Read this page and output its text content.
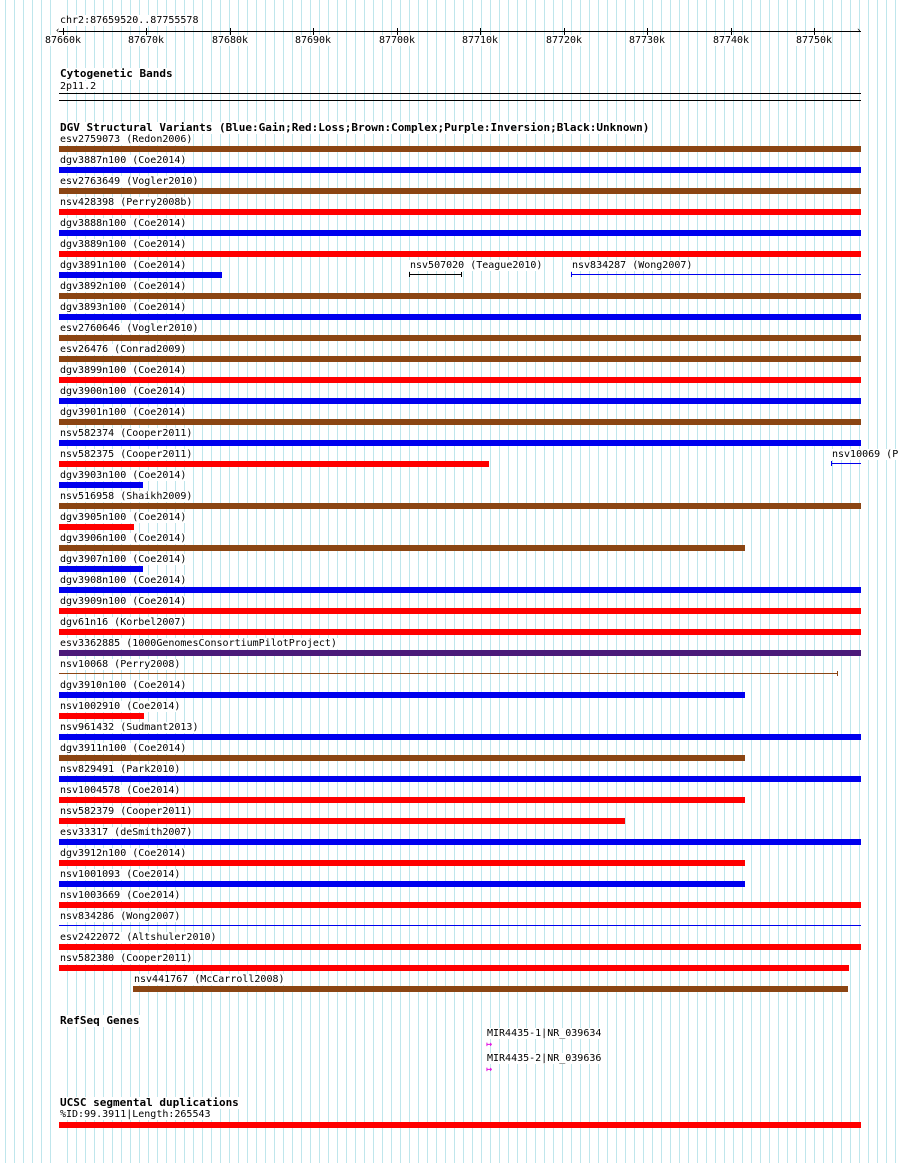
chr2:87659520..87755578
87660k	87670k	87680k	87690k	87700k	87710k	87720k	87730k	87740k	87750k
‹	›
Cytogenetic Bands
2p11.2
DGV Structural Variants (Blue:Gain;Red:Loss;Brown:Complex;Purple:Inversion;Black:Unknown)
esv2759073 (Redon2006)
dgv3887n100 (Coe2014)
esv2763649 (Vogler2010)
nsv428398 (Perry2008b)
dgv3888n100 (Coe2014)
dgv3889n100 (Coe2014)
dgv3891n100 (Coe2014)	nsv507020 (Teague2010)	nsv834287 (Wong2007)
dgv3892n100 (Coe2014)
dgv3893n100 (Coe2014)
esv2760646 (Vogler2010)
esv26476 (Conrad2009)
dgv3899n100 (Coe2014)
dgv3900n100 (Coe2014)
dgv3901n100 (Coe2014)
nsv582374 (Cooper2011)
nsv582375 (Cooper2011)	nsv10069 (P
dgv3903n100 (Coe2014)
nsv516958 (Shaikh2009)
dgv3905n100 (Coe2014)
dgv3906n100 (Coe2014)
dgv3907n100 (Coe2014)
dgv3908n100 (Coe2014)
dgv3909n100 (Coe2014)
dgv61n16 (Korbel2007)
esv3362885 (1000GenomesConsortiumPilotProject)
nsv10068 (Perry2008)
dgv3910n100 (Coe2014)
nsv1002910 (Coe2014)
nsv961432 (Sudmant2013)
dgv3911n100 (Coe2014)
nsv829491 (Park2010)
nsv1004578 (Coe2014)
nsv582379 (Cooper2011)
esv33317 (deSmith2007)
dgv3912n100 (Coe2014)
nsv1001093 (Coe2014)
nsv1003669 (Coe2014)
nsv834286 (Wong2007)
esv2422072 (Altshuler2010)
nsv582380 (Cooper2011)
nsv441767 (McCarroll2008)
RefSeq Genes
MIR4435-1|NR_039634
↦
MIR4435-2|NR_039636
↦
UCSC segmental duplications
%ID:99.3911|Length:265543
